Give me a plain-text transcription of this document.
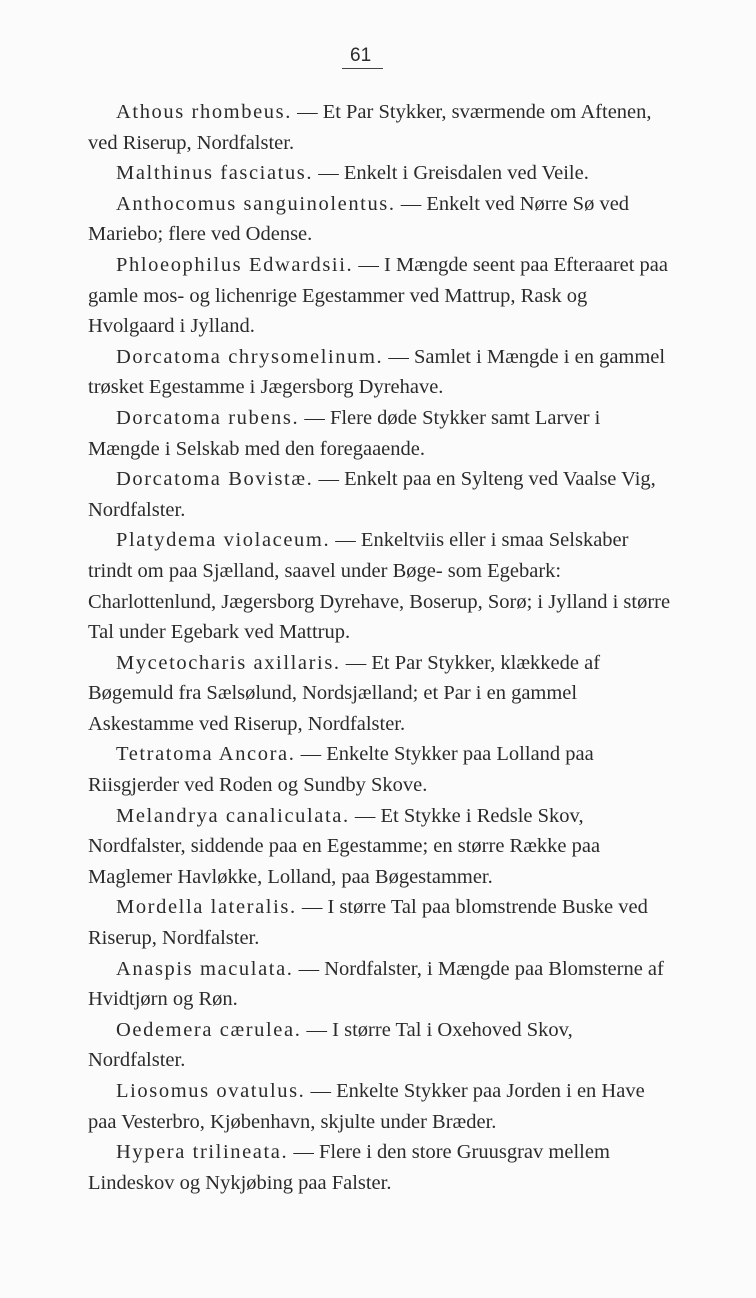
61

Athous rhombeus. — Et Par Stykker, sværmende om Aftenen, ved Riserup, Nordfalster.

Malthinus fasciatus. — Enkelt i Greisdalen ved Veile.

Anthocomus sanguinolentus. — Enkelt ved Nørre Sø ved Mariebo; flere ved Odense.

Phloeophilus Edwardsii. — I Mængde seent paa Efteraaret paa gamle mos- og lichenrige Egestammer ved Mattrup, Rask og Hvolgaard i Jylland.

Dorcatoma chrysomelinum. — Samlet i Mængde i en gammel trøsket Egestamme i Jægersborg Dyrehave.

Dorcatoma rubens. — Flere døde Stykker samt Larver i Mængde i Selskab med den foregaaende.

Dorcatoma Bovistæ. — Enkelt paa en Sylteng ved Vaalse Vig, Nordfalster.

Platydema violaceum. — Enkeltviis eller i smaa Selskaber trindt om paa Sjælland, saavel under Bøge- som Egebark: Charlottenlund, Jægersborg Dyrehave, Boserup, Sorø; i Jylland i større Tal under Egebark ved Mattrup.

Mycetocharis axillaris. — Et Par Stykker, klækkede af Bøgemuld fra Sælsølund, Nordsjælland; et Par i en gammel Askestamme ved Riserup, Nordfalster.

Tetratoma Ancora. — Enkelte Stykker paa Lolland paa Riisgjerder ved Roden og Sundby Skove.

Melandrya canaliculata. — Et Stykke i Redsle Skov, Nordfalster, siddende paa en Egestamme; en større Række paa Maglemer Havløkke, Lolland, paa Bøgestammer.

Mordella lateralis. — I større Tal paa blomstrende Buske ved Riserup, Nordfalster.

Anaspis maculata. — Nordfalster, i Mængde paa Blomsterne af Hvidtjørn og Røn.

Oedemera cærulea. — I større Tal i Oxehoved Skov, Nordfalster.

Liosomus ovatulus. — Enkelte Stykker paa Jorden i en Have paa Vesterbro, Kjøbenhavn, skjulte under Bræder.

Hypera trilineata. — Flere i den store Gruusgrav mellem Lindeskov og Nykjøbing paa Falster.
